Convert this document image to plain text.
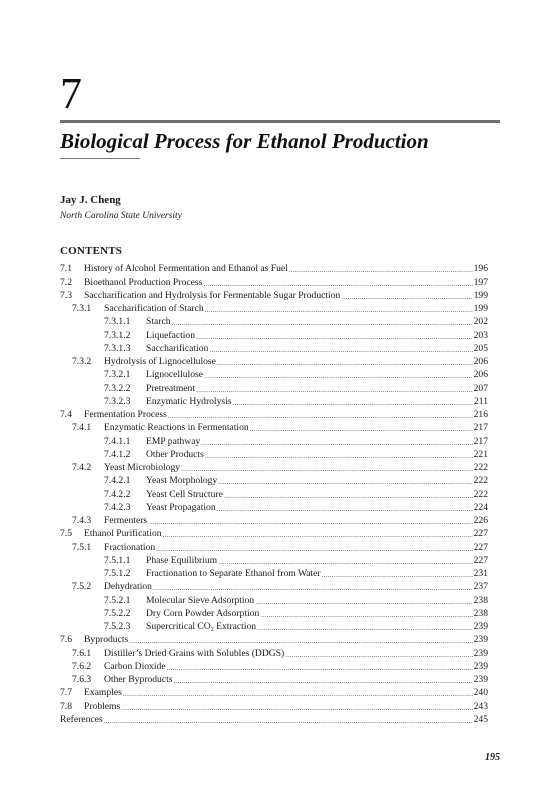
7
Biological Process for Ethanol Production
Jay J. Cheng
North Carolina State University
CONTENTS
7.1	History of Alcohol Fermentation and Ethanol as Fuel .....	196
7.2	Bioethanol Production Process .....	197
7.3	Saccharification and Hydrolysis for Fermentable Sugar Production .....	199
7.3.1	Saccharification of Starch .....	199
7.3.1.1	Starch .....	202
7.3.1.2	Liquefaction .....	203
7.3.1.3	Saccharification .....	205
7.3.2	Hydrolysis of Lignocellulose .....	206
7.3.2.1	Lignocellulose .....	206
7.3.2.2	Pretreatment .....	207
7.3.2.3	Enzymatic Hydrolysis .....	211
7.4	Fermentation Process .....	216
7.4.1	Enzymatic Reactions in Fermentation .....	217
7.4.1.1	EMP pathway .....	217
7.4.1.2	Other Products .....	221
7.4.2	Yeast Microbiology .....	222
7.4.2.1	Yeast Morphology .....	222
7.4.2.2	Yeast Cell Structure .....	222
7.4.2.3	Yeast Propagation .....	224
7.4.3	Fermenters .....	226
7.5	Ethanol Purification .....	227
7.5.1	Fractionation .....	227
7.5.1.1	Phase Equilibrium .....	227
7.5.1.2	Fractionation to Separate Ethanol from Water .....	231
7.5.2	Dehydration .....	237
7.5.2.1	Molecular Sieve Adsorption .....	238
7.5.2.2	Dry Corn Powder Adsorption .....	238
7.5.2.3	Supercritical $CO_2$ Extraction .....	239
7.6	Byproducts .....	239
7.6.1	Distiller’s Dried Grains with Solubles (DDGS) .....	239
7.6.2	Carbon Dioxide .....	239
7.6.3	Other Byproducts .....	239
7.7	Examples .....	240
7.8	Problems .....	243
References .....	245
195
